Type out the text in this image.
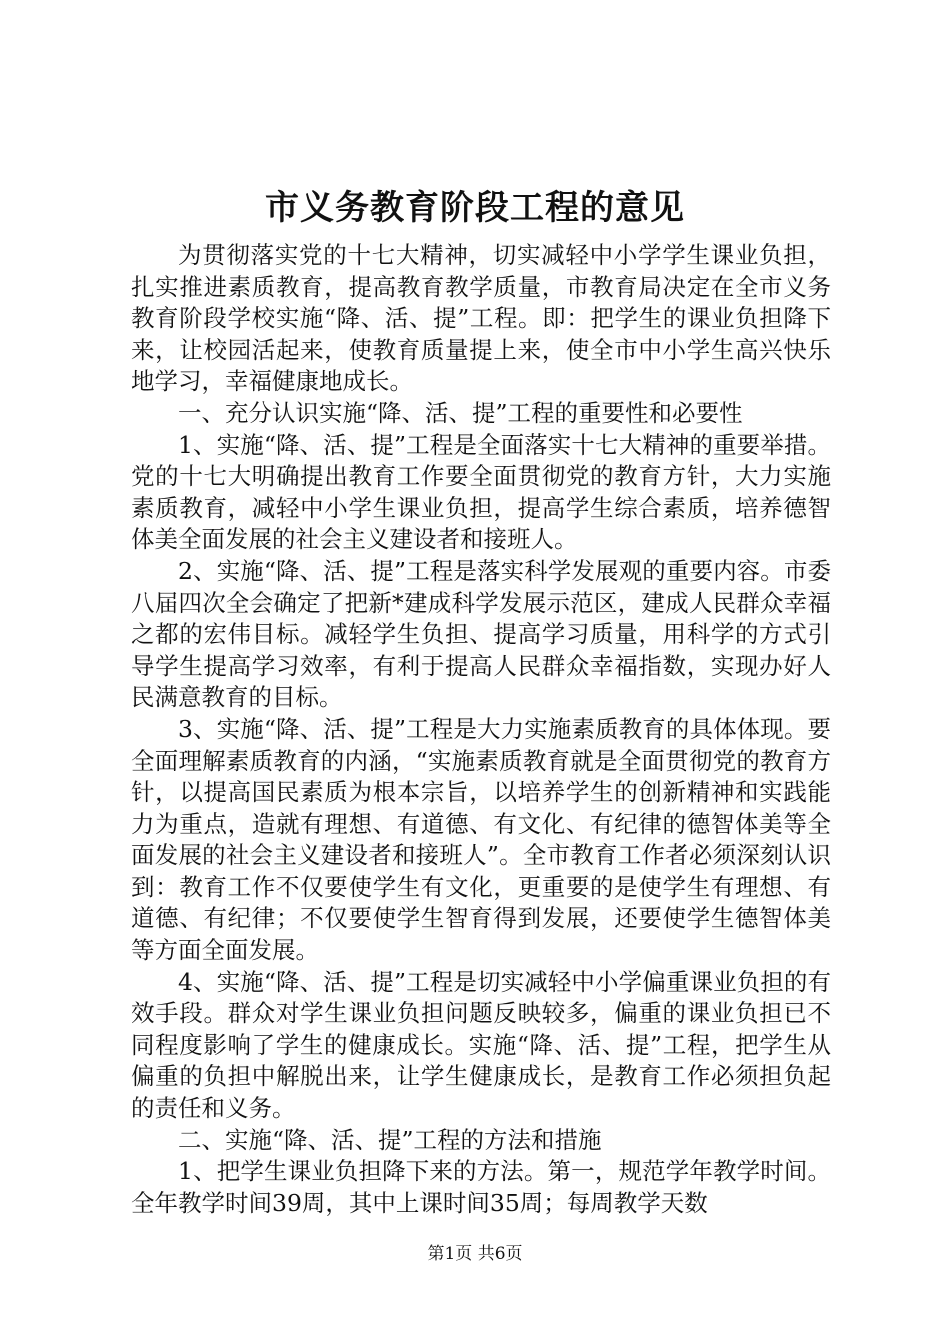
市义务教育阶段工程的意见

为贯彻落实党的十七大精神，切实减轻中小学学生课业负担，扎实推进素质教育，提高教育教学质量，市教育局决定在全市义务教育阶段学校实施“降、活、提”工程。即：把学生的课业负担降下来，让校园活起来，使教育质量提上来，使全市中小学生高兴快乐地学习，幸福健康地成长。

一、充分认识实施“降、活、提”工程的重要性和必要性

1、实施“降、活、提”工程是全面落实十七大精神的重要举措。党的十七大明确提出教育工作要全面贯彻党的教育方针，大力实施素质教育，减轻中小学生课业负担，提高学生综合素质，培养德智体美全面发展的社会主义建设者和接班人。

2、实施“降、活、提”工程是落实科学发展观的重要内容。市委八届四次全会确定了把新*建成科学发展示范区，建成人民群众幸福之都的宏伟目标。减轻学生负担、提高学习质量，用科学的方式引导学生提高学习效率，有利于提高人民群众幸福指数，实现办好人民满意教育的目标。

3、实施“降、活、提”工程是大力实施素质教育的具体体现。要全面理解素质教育的内涵，“实施素质教育就是全面贯彻党的教育方针，以提高国民素质为根本宗旨，以培养学生的创新精神和实践能力为重点，造就有理想、有道德、有文化、有纪律的德智体美等全面发展的社会主义建设者和接班人”。全市教育工作者必须深刻认识到：教育工作不仅要使学生有文化，更重要的是使学生有理想、有道德、有纪律；不仅要使学生智育得到发展，还要使学生德智体美等方面全面发展。

4、实施“降、活、提”工程是切实减轻中小学偏重课业负担的有效手段。群众对学生课业负担问题反映较多，偏重的课业负担已不同程度影响了学生的健康成长。实施“降、活、提”工程，把学生从偏重的负担中解脱出来，让学生健康成长，是教育工作必须担负起的责任和义务。

二、实施“降、活、提”工程的方法和措施

1、把学生课业负担降下来的方法。第一，规范学年教学时间。全年教学时间39周，其中上课时间35周；每周教学天数

第1页 共6页
